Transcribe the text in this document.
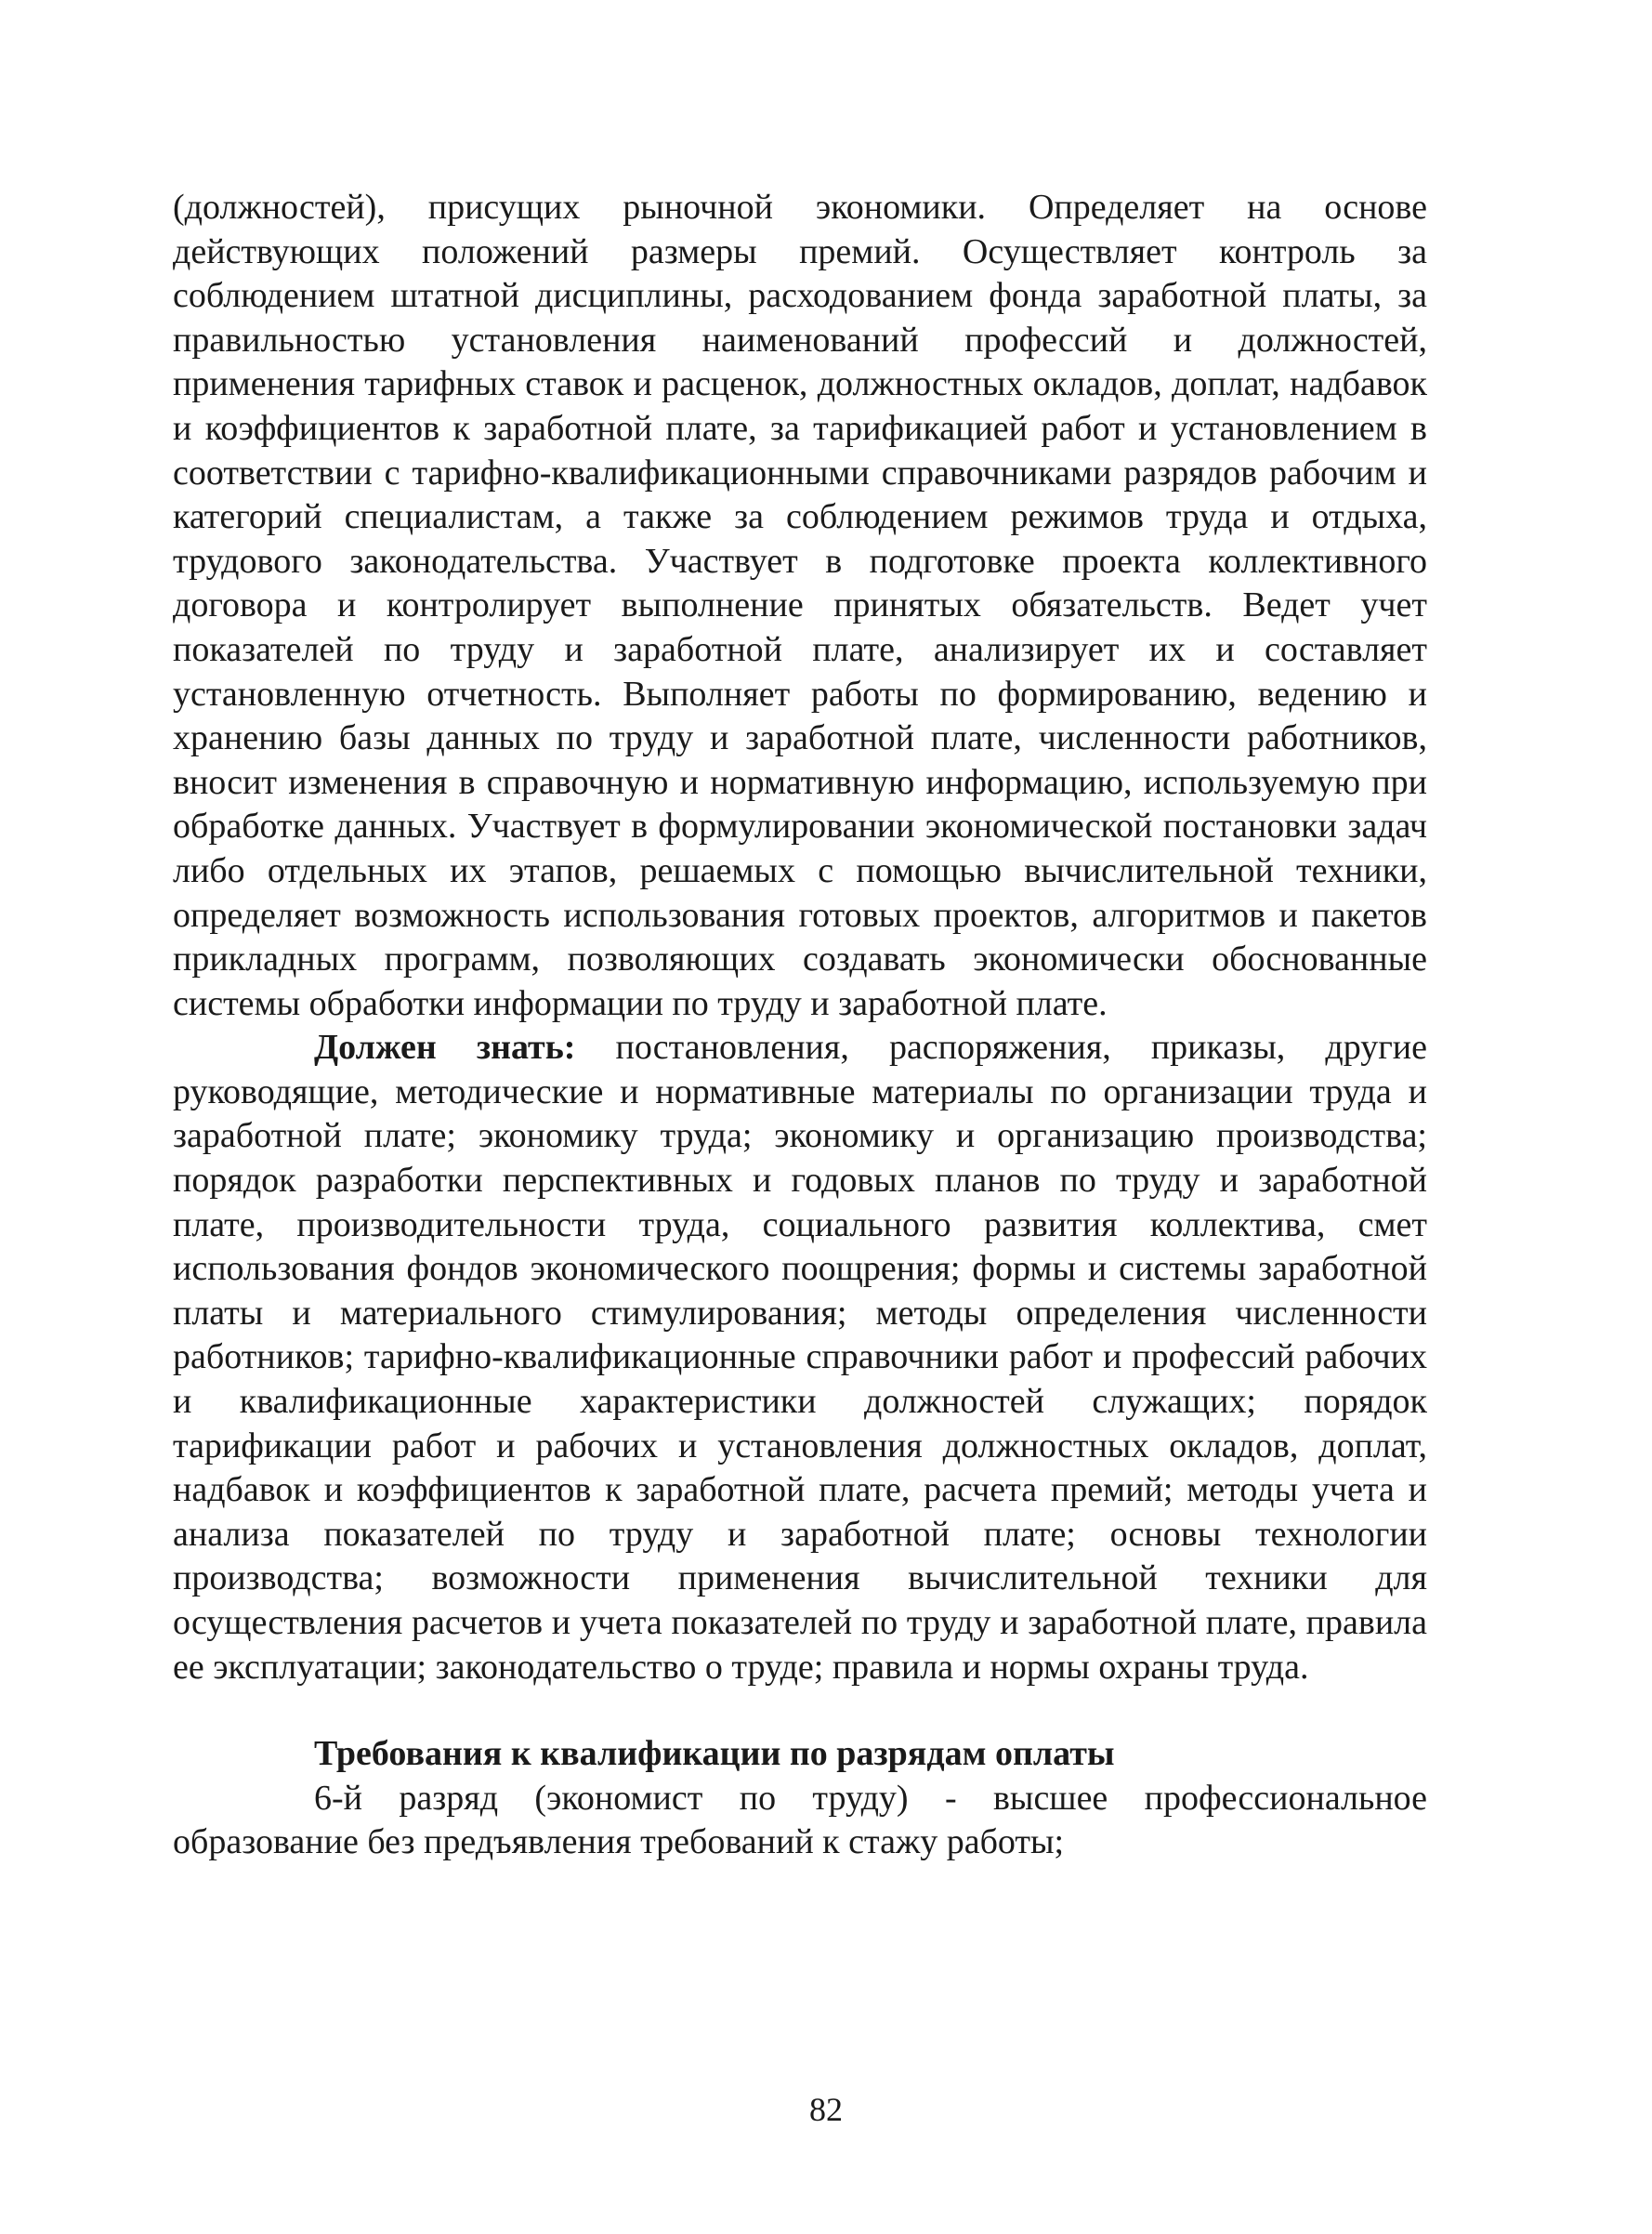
(должностей), присущих рыночной экономики. Определяет на основе действующих положений размеры премий. Осуществляет контроль за соблюдением штатной дисциплины, расходованием фонда заработной платы, за правильностью установления наименований профессий и должностей, применения тарифных ставок и расценок, должностных окладов, доплат, надбавок и коэффициентов к заработной плате, за тарификацией работ и установлением в соответствии с тарифно-квалификационными справочниками разрядов рабочим и категорий специалистам, а также за соблюдением режимов труда и отдыха, трудового законодательства. Участвует в подготовке проекта коллективного договора и контролирует выполнение принятых обязательств. Ведет учет показателей по труду и заработной плате, анализирует их и составляет установленную отчетность. Выполняет работы по формированию, ведению и хранению базы данных по труду и заработной плате, численности работников, вносит изменения в справочную и нормативную информацию, используемую при обработке данных. Участвует в формулировании экономической постановки задач либо отдельных их этапов, решаемых с помощью вычислительной техники, определяет возможность использования готовых проектов, алгоритмов и пакетов прикладных программ, позволяющих создавать экономически обоснованные системы обработки информации по труду и заработной плате.

Должен знать: постановления, распоряжения, приказы, другие руководящие, методические и нормативные материалы по организации труда и заработной плате; экономику труда; экономику и организацию производства; порядок разработки перспективных и годовых планов по труду и заработной плате, производительности труда, социального развития коллектива, смет использования фондов экономического поощрения; формы и системы заработной платы и материального стимулирования; методы определения численности работников; тарифно-квалификационные справочники работ и профессий рабочих и квалификационные характеристики должностей служащих; порядок тарификации работ и рабочих и установления должностных окладов, доплат, надбавок и коэффициентов к заработной плате, расчета премий; методы учета и анализа показателей по труду и заработной плате; основы технологии производства; возможности применения вычислительной техники для осуществления расчетов и учета показателей по труду и заработной плате, правила ее эксплуатации; законодательство о труде; правила и нормы охраны труда.

Требования к квалификации по разрядам оплаты

6-й разряд (экономист по труду) - высшее профессиональное образование без предъявления требований к стажу работы;

82
